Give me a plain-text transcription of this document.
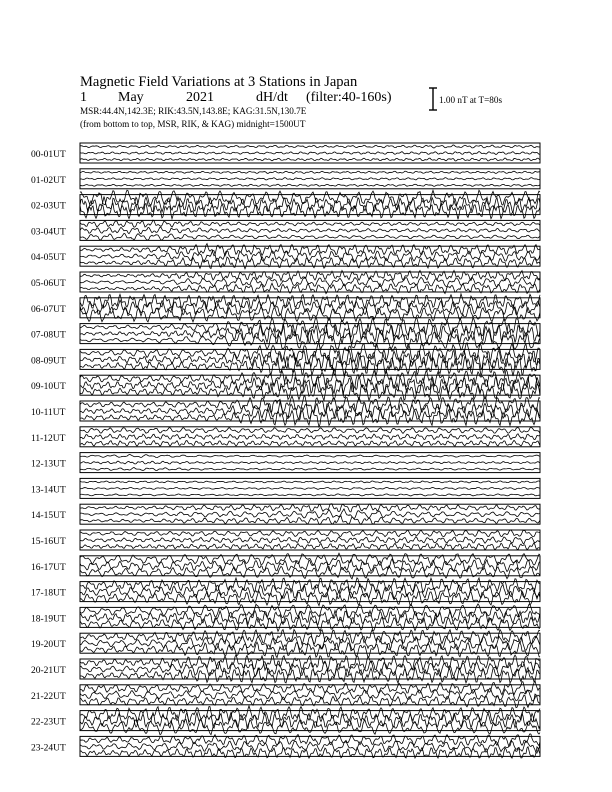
Magnetic Field Variations at 3 Stations in Japan
1 May	2021	dH/dt (filter:40-160s)
MSR:44.4N,142.3E; RIK:43.5N,143.8E; KAG:31.5N,130.7E
(from bottom to top, MSR, RIK, & KAG) midnight=1500UT
1.00 nT at T=80s
00-01UT
01-02UT
02-03UT
03-04UT
04-05UT
05-06UT
06-07UT
07-08UT
08-09UT
09-10UT
10-11UT
11-12UT
12-13UT
13-14UT
14-15UT
15-16UT
16-17UT
17-18UT
18-19UT
19-20UT
20-21UT
21-22UT
22-23UT
23-24UT
